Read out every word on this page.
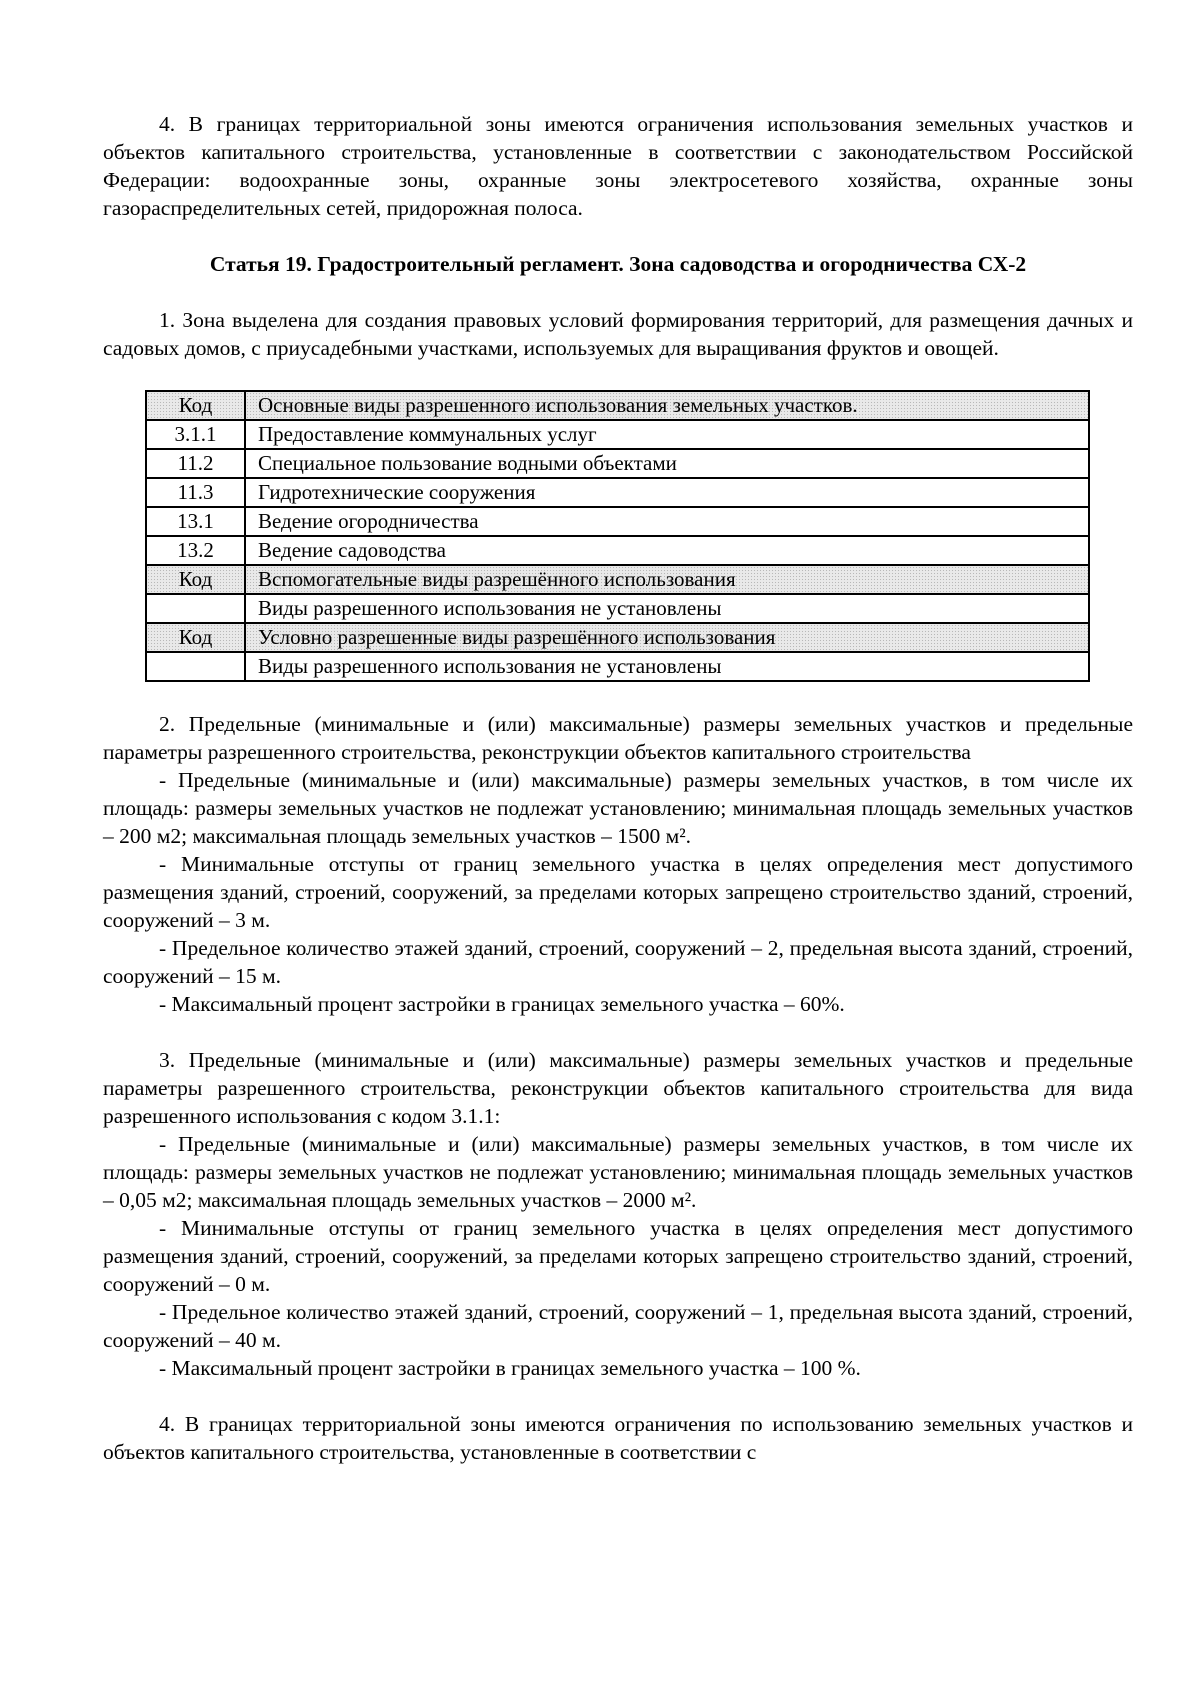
4. В границах территориальной зоны имеются ограничения использования земельных участков и объектов капитального строительства, установленные в соответствии с законодательством Российской Федерации: водоохранные зоны, охранные зоны электросетевого хозяйства, охранные зоны газораспределительных сетей, придорожная полоса.

Статья 19. Градостроительный регламент. Зона садоводства и огородничества СХ-2

1. Зона выделена для создания правовых условий формирования территорий, для размещения дачных и садовых домов, с приусадебными участками, используемых для выращивания фруктов и овощей.

Код	Основные виды разрешенного использования земельных участков.
3.1.1	Предоставление коммунальных услуг
11.2	Специальное пользование водными объектами
11.3	Гидротехнические сооружения
13.1	Ведение огородничества
13.2	Ведение садоводства
Код	Вспомогательные виды разрешённого использования
	Виды разрешенного использования не установлены
Код	Условно разрешенные виды разрешённого использования
	Виды разрешенного использования не установлены

2. Предельные (минимальные и (или) максимальные) размеры земельных участков и предельные параметры разрешенного строительства, реконструкции объектов капитального строительства

- Предельные (минимальные и (или) максимальные) размеры земельных участков, в том числе их площадь: размеры земельных участков не подлежат установлению; минимальная площадь земельных участков – 200 м2; максимальная площадь земельных участков – 1500 м².

- Минимальные отступы от границ земельного участка в целях определения мест допустимого размещения зданий, строений, сооружений, за пределами которых запрещено строительство зданий, строений, сооружений – 3 м.

- Предельное количество этажей зданий, строений, сооружений – 2, предельная высота зданий, строений, сооружений – 15 м.

- Максимальный процент застройки в границах земельного участка – 60%.

3. Предельные (минимальные и (или) максимальные) размеры земельных участков и предельные параметры разрешенного строительства, реконструкции объектов капитального строительства для вида разрешенного использования с кодом 3.1.1:

- Предельные (минимальные и (или) максимальные) размеры земельных участков, в том числе их площадь: размеры земельных участков не подлежат установлению; минимальная площадь земельных участков – 0,05 м2; максимальная площадь земельных участков – 2000 м².

- Минимальные отступы от границ земельного участка в целях определения мест допустимого размещения зданий, строений, сооружений, за пределами которых запрещено строительство зданий, строений, сооружений – 0 м.

- Предельное количество этажей зданий, строений, сооружений – 1, предельная высота зданий, строений, сооружений – 40 м.

- Максимальный процент застройки в границах земельного участка – 100 %.

4. В границах территориальной зоны имеются ограничения по использованию земельных участков и объектов капитального строительства, установленные в соответствии с
